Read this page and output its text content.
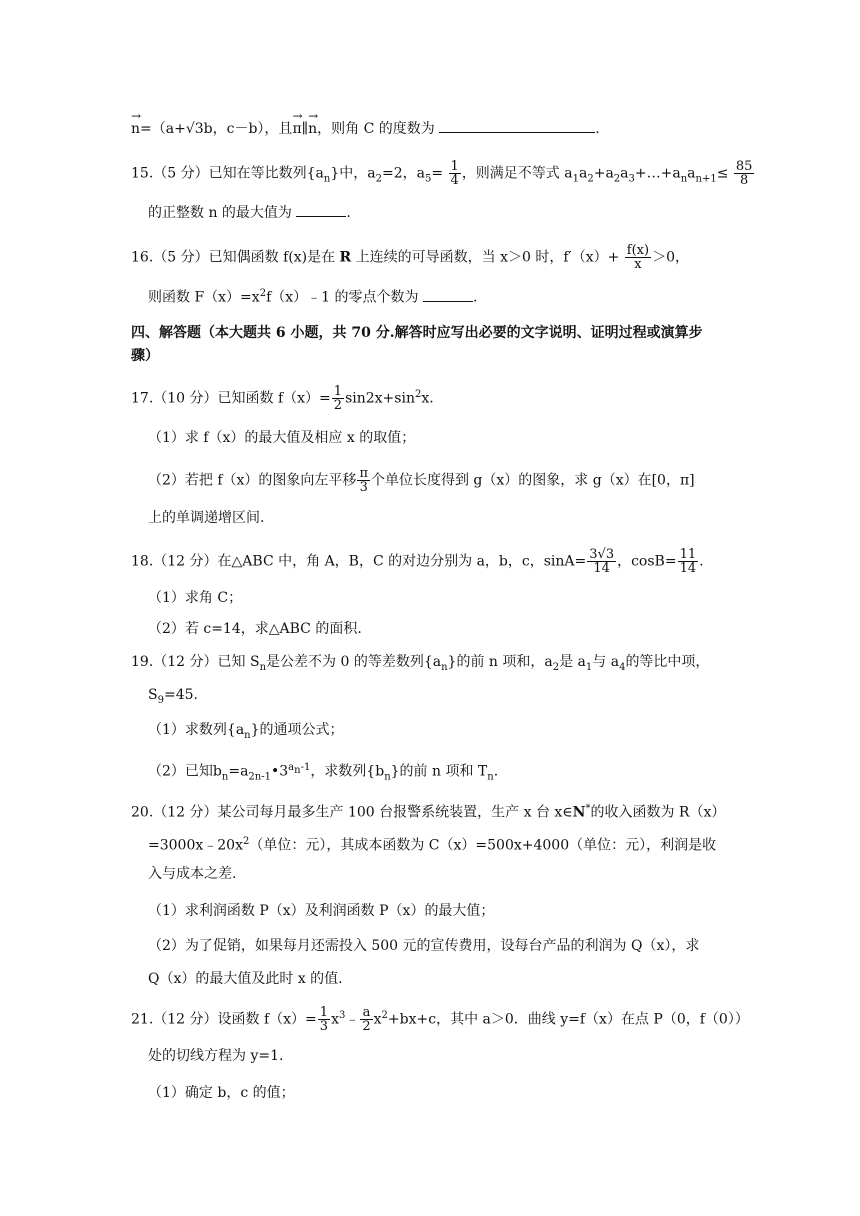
→ n=（a+√3b，c－b），且→ π∥→ n，则角 C 的度数为	.
15.（5 分）已知在等比数列$\{a_n\}$中，$a_2=2$，$a_5= \frac{1}{4}$ ，则满足不等式 $a_1a_2+a_2a_3+\dots+a_na_{n+1}\le \frac{85}{8}$
的正整数 n 的最大值为	.
16.（5 分）已知偶函数 f(x)是在 R 上连续的可导函数，当 x＞0 时，$f'(x)+ \frac{f(x)}{x} >0$，
则函数 $F(x)=x^2f(x)﹣1$ 的零点个数为	.
四、解答题（本大题共 6 小题，共 70 分.解答时应写出必要的文字说明、证明过程或演算步
骤）
17.（10 分）已知函数 $f(x)= \frac{1}{2} \sin 2x+\sin^2x$.
（1）求 f（x）的最大值及相应 x 的取值；
（2）若把 f（x）的图象向左平移 $\frac{\pi}{3}$ 个单位长度得到 g（x）的图象，求 g（x）在[0，π]
上的单调递增区间.
18.（12 分）在△ABC 中，角 A，B，C 的对边分别为 a，b，c，$\sin A= \frac{3√3}{14}$ ，$\cos B= \frac{11}{14}$ .
（1）求角 C；
（2）若 c=14，求△ABC 的面积.
19.（12 分）已知 $S_n$是公差不为 0 的等差数列$\{a_n\}$的前 n 项和，$a_2$是 $a_1$与 $a_4$的等比中项，
$S_9=45$.
（1）求数列$\{a_n\}$的通项公式；
（2）已知$b_n=a_{2n-1}•3^{a_n-1}$，求数列$\{b_n\}$的前 n 项和 $T_n$.
20.（12 分）某公司每月最多生产 100 台报警系统装置，生产 x 台 x∈N*的收入函数为 R（x）
$=3000x﹣20x^2$（单位：元），其成本函数为 C（x）=500x+4000（单位：元），利润是收
入与成本之差.
（1）求利润函数 P（x）及利润函数 P（x）的最大值；
（2）为了促销，如果每月还需投入 500 元的宣传费用，设每台产品的利润为 Q（x），求
Q（x）的最大值及此时 x 的值.
21.（12 分）设函数 $f(x)= \frac{1}{3}$ $x^3﹣ \frac{a}{2} x^2+bx+c$，其中 a＞0．曲线 y=f（x）在点 P（0，f（0））
处的切线方程为 y=1.
（1）确定 b，c 的值；
